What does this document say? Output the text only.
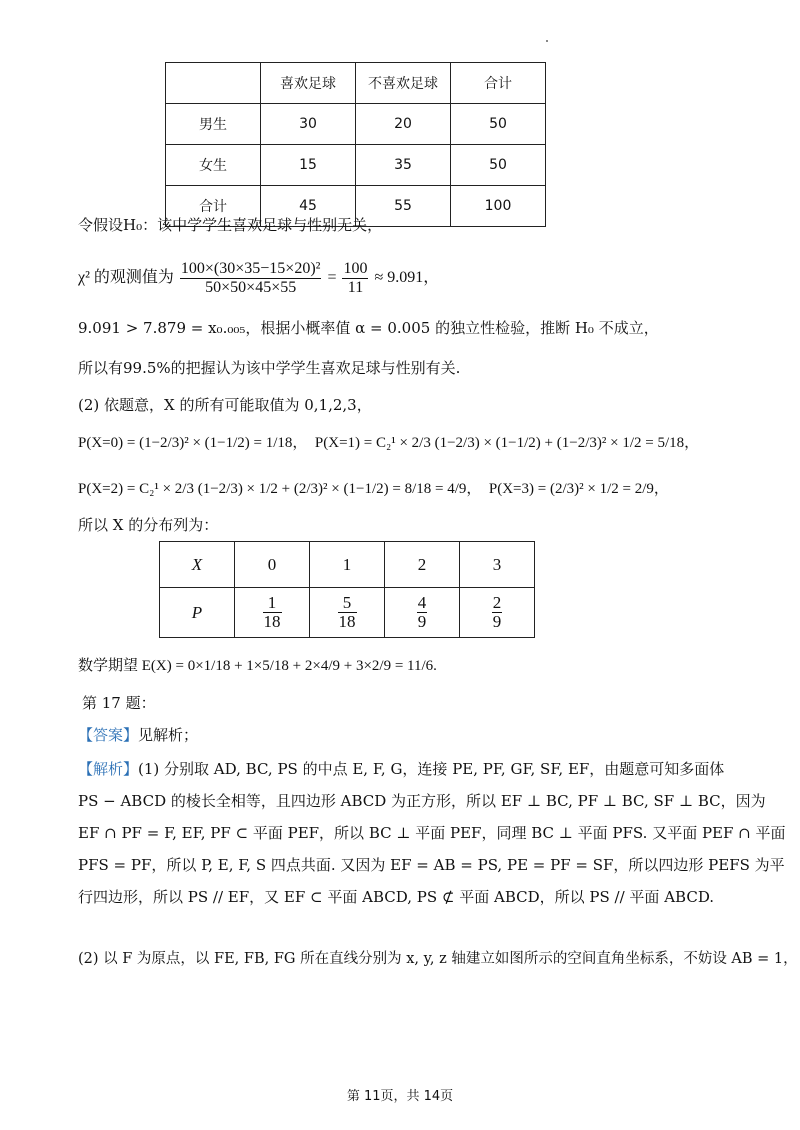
	喜欢足球	不喜欢足球	合计
男生	30	20	50
女生	15	35	50
合计	45	55	100
令假设H₀：该中学学生喜欢足球与性别无关，
χ² 的观测值为 $\frac{\text{100×(30×35−15×20)²}}{50\times 50\times 45\times 55} = \frac{100}{11} \approx 9.091$，
9.091 > 7.879 = x₀.₀₀₅，根据小概率值 α = 0.005 的独立性检验，推断 H₀ 不成立，
所以有99.5%的把握认为该中学学生喜欢足球与性别有关.
(2) 依题意，X 的所有可能取值为 0,1,2,3，
P(X=0) = (1−2/3)² × (1−1/2) = 1/18， P(X=1) = C₂¹ × 2/3 (1−2/3) × (1−1/2) + (1−2/3)² × 1/2 = 5/18，
P(X=2) = C₂¹ × 2/3 (1−2/3) × 1/2 + (2/3)² × (1−1/2) = 8/18 = 4/9， P(X=3) = (2/3)² × 1/2 = 2/9，
所以 X 的分布列为：
X	0	1	2	3
P	$\frac{1}{18}$	$\frac{5}{18}$	$\frac{4}{9}$	$\frac{2}{9}$
数学期望 E(X) = 0×1/18 + 1×5/18 + 2×4/9 + 3×2/9 = 11/6.
第 17 题：
【答案】见解析；
【解析】(1) 分别取 AD, BC, PS 的中点 E, F, G，连接 PE, PF, GF, SF, EF，由题意可知多面体
PS − ABCD 的棱长全相等，且四边形 ABCD 为正方形，所以 EF ⊥ BC, PF ⊥ BC, SF ⊥ BC，因为
EF ∩ PF = F, EF, PF ⊂ 平面 PEF，所以 BC ⊥ 平面 PEF，同理 BC ⊥ 平面 PFS. 又平面 PEF ∩ 平面
PFS = PF，所以 P, E, F, S 四点共面. 又因为 EF = AB = PS, PE = PF = SF，所以四边形 PEFS 为平
行四边形，所以 PS // EF，又 EF ⊂ 平面 ABCD, PS ⊄ 平面 ABCD，所以 PS // 平面 ABCD.
(2) 以 F 为原点，以 FE, FB, FG 所在直线分别为 x, y, z 轴建立如图所示的空间直角坐标系，不妨设 AB = 1，
第 11页，共 14页
